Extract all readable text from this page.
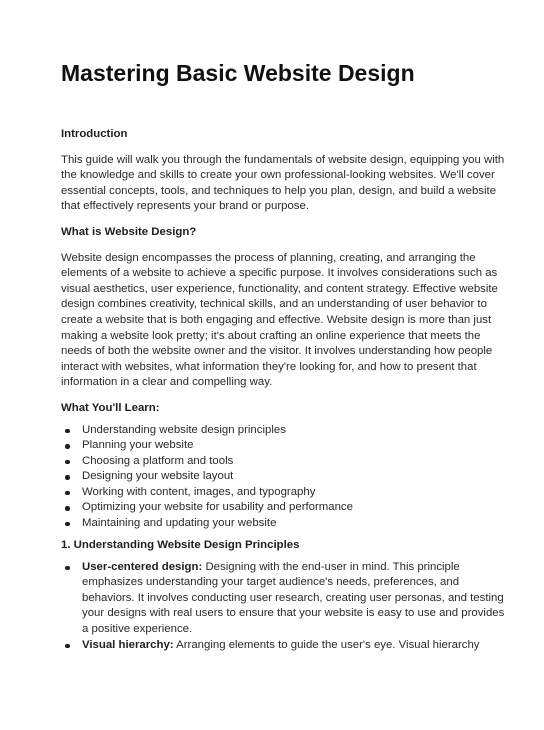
Mastering Basic Website Design
Introduction

This guide will walk you through the fundamentals of website design, equipping you with the knowledge and skills to create your own professional-looking websites. We'll cover essential concepts, tools, and techniques to help you plan, design, and build a website that effectively represents your brand or purpose.

What is Website Design?

Website design encompasses the process of planning, creating, and arranging the elements of a website to achieve a specific purpose. It involves considerations such as visual aesthetics, user experience, functionality, and content strategy. Effective website design combines creativity, technical skills, and an understanding of user behavior to create a website that is both engaging and effective. Website design is more than just making a website look pretty; it's about crafting an online experience that meets the needs of both the website owner and the visitor. It involves understanding how people interact with websites, what information they're looking for, and how to present that information in a clear and compelling way.

What You'll Learn:
Understanding website design principles
Planning your website
Choosing a platform and tools
Designing your website layout
Working with content, images, and typography
Optimizing your website for usability and performance
Maintaining and updating your website
1. Understanding Website Design Principles
User-centered design: Designing with the end-user in mind. This principle emphasizes understanding your target audience's needs, preferences, and behaviors. It involves conducting user research, creating user personas, and testing your designs with real users to ensure that your website is easy to use and provides a positive experience.
Visual hierarchy: Arranging elements to guide the user's eye. Visual hierarchy
